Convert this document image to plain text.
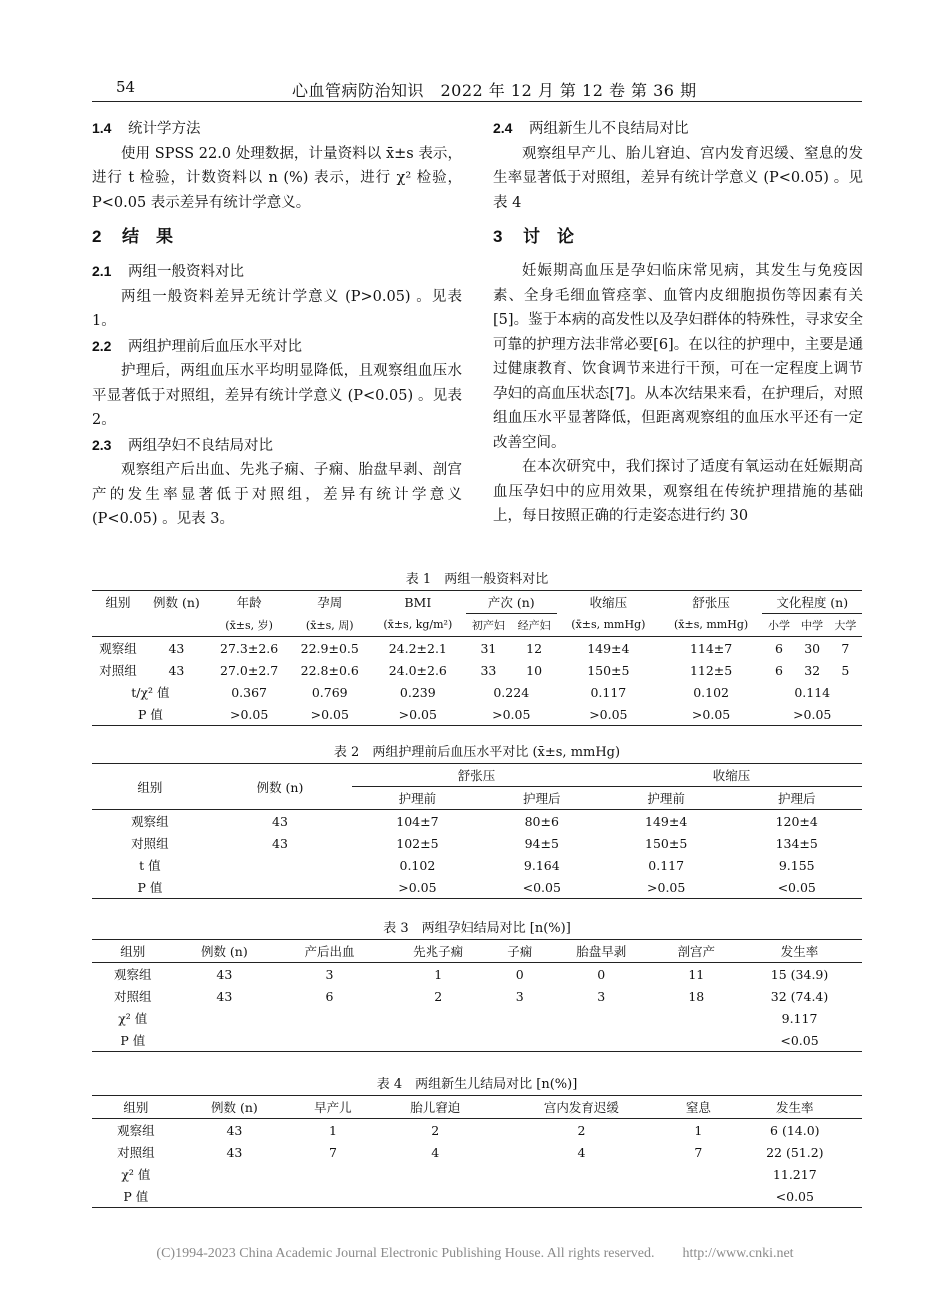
54	心血管病防治知识　2022 年 12 月 第 12 卷 第 36 期
1.4 统计学方法

使用 SPSS 22.0 处理数据，计量资料以 x̄±s 表示，进行 t 检验，计数资料以 n (%) 表示，进行 χ² 检验，P<0.05 表示差异有统计学意义。

2 结　果
2.1 两组一般资料对比

两组一般资料差异无统计学意义 (P>0.05) 。见表 1。

2.2 两组护理前后血压水平对比

护理后，两组血压水平均明显降低，且观察组血压水平显著低于对照组，差异有统计学意义 (P<0.05) 。见表 2。

2.3 两组孕妇不良结局对比

观察组产后出血、先兆子痫、子痫、胎盘早剥、剖宫产的发生率显著低于对照组，差异有统计学意义 (P<0.05) 。见表 3。

2.4 两组新生儿不良结局对比

观察组早产儿、胎儿窘迫、宫内发育迟缓、窒息的发生率显著低于对照组，差异有统计学意义 (P<0.05) 。见表 4

3 讨　论

妊娠期高血压是孕妇临床常见病，其发生与免疫因素、全身毛细血管痉挛、血管内皮细胞损伤等因素有关[5]。鉴于本病的高发性以及孕妇群体的特殊性，寻求安全可靠的护理方法非常必要[6]。在以往的护理中，主要是通过健康教育、饮食调节来进行干预，可在一定程度上调节孕妇的高血压状态[7]。从本次结果来看，在护理后，对照组血压水平显著降低，但距离观察组的血压水平还有一定改善空间。

在本次研究中，我们探讨了适度有氧运动在妊娠期高血压孕妇中的应用效果，观察组在传统护理措施的基础上，每日按照正确的行走姿态进行约 30

表 1　两组一般资料对比
组别	例数 (n)	年龄	孕周	BMI	产次 (n)		收缩压	舒张压	文化程度 (n)		
		(x̄±s, 岁)	(x̄±s, 周)	(x̄±s, kg/m²)	初产妇	经产妇	(x̄±s, mmHg)	(x̄±s, mmHg)	小学	中学	大学
观察组	43	27.3±2.6	22.9±0.5	24.2±2.1	31	12	149±4	114±7	6	30	7
对照组	43	27.0±2.7	22.8±0.6	24.0±2.6	33	10	150±5	112±5	6	32	5
t/χ² 值		0.367	0.769	0.239	0.224		0.117	0.102	0.114		
P 值		>0.05	>0.05	>0.05	>0.05		>0.05	>0.05	>0.05		
表 2　两组护理前后血压水平对比 (x̄±s, mmHg)
组别	例数 (n)	舒张压		收缩压	
		护理前	护理后	护理前	护理后
观察组	43	104±7	80±6	149±4	120±4
对照组	43	102±5	94±5	150±5	134±5
t 值		0.102	9.164	0.117	9.155
P 值		>0.05	<0.05	>0.05	<0.05
表 3　两组孕妇结局对比 [n(%)]
组别	例数 (n)	产后出血	先兆子痫	子痫	胎盘早剥	剖宫产	发生率
观察组	43	3	1	0	0	11	15 (34.9)
对照组	43	6	2	3	3	18	32 (74.4)
χ² 值							9.117
P 值							<0.05
表 4　两组新生儿结局对比 [n(%)]
组别	例数 (n)	早产儿	胎儿窘迫	宫内发育迟缓	窒息	发生率
观察组	43	1	2	2	1	6 (14.0)
对照组	43	7	4	4	7	22 (51.2)
χ² 值						11.217
P 值						<0.05
(C)1994-2023 China Academic Journal Electronic Publishing House. All rights reserved.　　http://www.cnki.net
